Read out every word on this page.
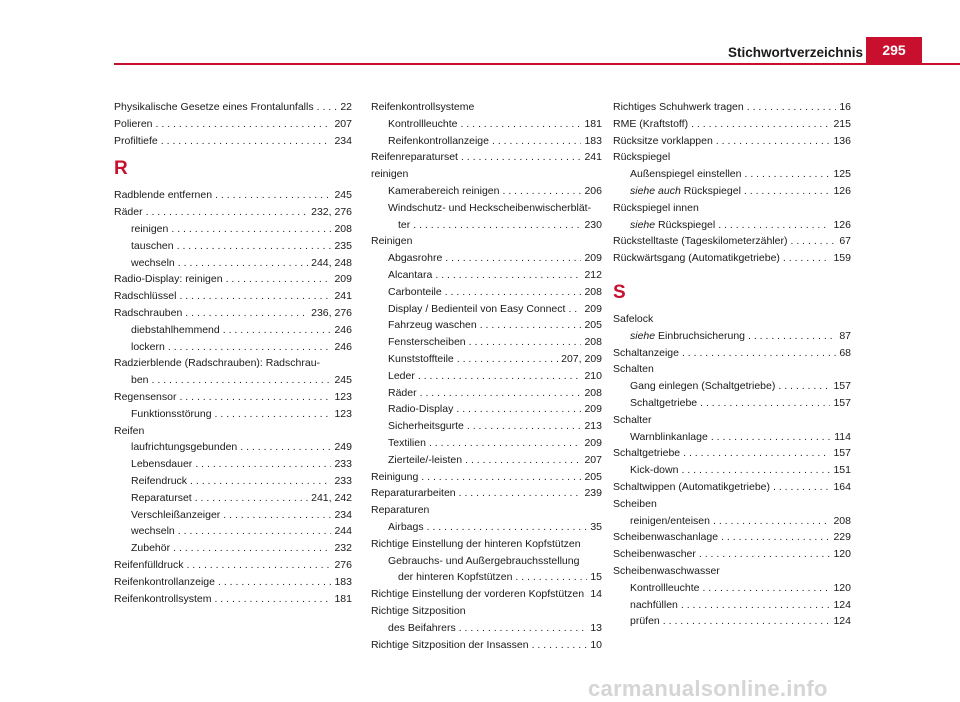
Stichwortverzeichnis	295
Physikalische Gesetze eines Frontalunfalls . . .	22
Polieren . . .	207
Profiltiefe . . .	234
R
Radblende entfernen . . .	245
Räder . . .	232, 276
reinigen . . .	208
tauschen . . .	235
wechseln . . .	244, 248
Radio-Display: reinigen . . .	209
Radschlüssel . . .	241
Radschrauben . . .	236, 276
diebstahlhemmend . . .	246
lockern . . .	246
Radzierblende (Radschrauben): Radschrau-
ben . . .	245
Regensensor . . .	123
Funktionsstörung . . .	123
Reifen
laufrichtungsgebunden . . .	249
Lebensdauer . . .	233
Reifendruck . . .	233
Reparaturset . . .	241, 242
Verschleißanzeiger . . .	234
wechseln . . .	244
Zubehör . . .	232
Reifenfülldruck . . .	276
Reifenkontrollanzeige . . .	183
Reifenkontrollsystem . . .	181
Reifenkontrollsysteme
Kontrollleuchte . . .	181
Reifenkontrollanzeige . . .	183
Reifenreparaturset . . .	241
reinigen
Kamerabereich reinigen . . .	206
Windschutz- und Heckscheibenwischerblät-
ter . . .	230
Reinigen
Abgasrohre . . .	209
Alcantara . . .	212
Carbonteile . . .	208
Display / Bedienteil von Easy Connect . . . 209
Fahrzeug waschen . . .	205
Fensterscheiben . . .	208
Kunststoffteile . . .	207, 209
Leder . . .	210
Räder . . .	208
Radio-Display . . .	209
Sicherheitsgurte . . .	213
Textilien . . .	209
Zierteile/-leisten . . .	207
Reinigung . . .	205
Reparaturarbeiten . . .	239
Reparaturen
Airbags . . .	35
Richtige Einstellung der hinteren Kopfstützen
Gebrauchs- und Außergebrauchsstellung
der hinteren Kopfstützen . . .	15
Richtige Einstellung der vorderen Kopfstützen . . . 14
Richtige Sitzposition
des Beifahrers . . .	13
Richtige Sitzposition der Insassen . . .	10
Richtiges Schuhwerk tragen . . .	16
RME (Kraftstoff) . . .	215
Rücksitze vorklappen . . .	136
Rückspiegel
Außenspiegel einstellen . . .	125
siehe auch Rückspiegel . . .	126
Rückspiegel innen
siehe Rückspiegel . . .	126
Rückstelltaste (Tageskilometerzähler) . . .	67
Rückwärtsgang (Automatikgetriebe) . . .	159
S
Safelock
siehe Einbruchsicherung . . .	87
Schaltanzeige . . .	68
Schalten
Gang einlegen (Schaltgetriebe) . . .	157
Schaltgetriebe . . .	157
Schalter
Warnblinkanlage . . .	114
Schaltgetriebe . . .	157
Kick-down . . .	151
Schaltwippen (Automatikgetriebe) . . .	164
Scheiben
reinigen/enteisen . . .	208
Scheibenwaschanlage . . .	229
Scheibenwascher . . .	120
Scheibenwaschwasser
Kontrollleuchte . . .	120
nachfüllen . . .	124
prüfen . . .	124
carmanualsonline.info
